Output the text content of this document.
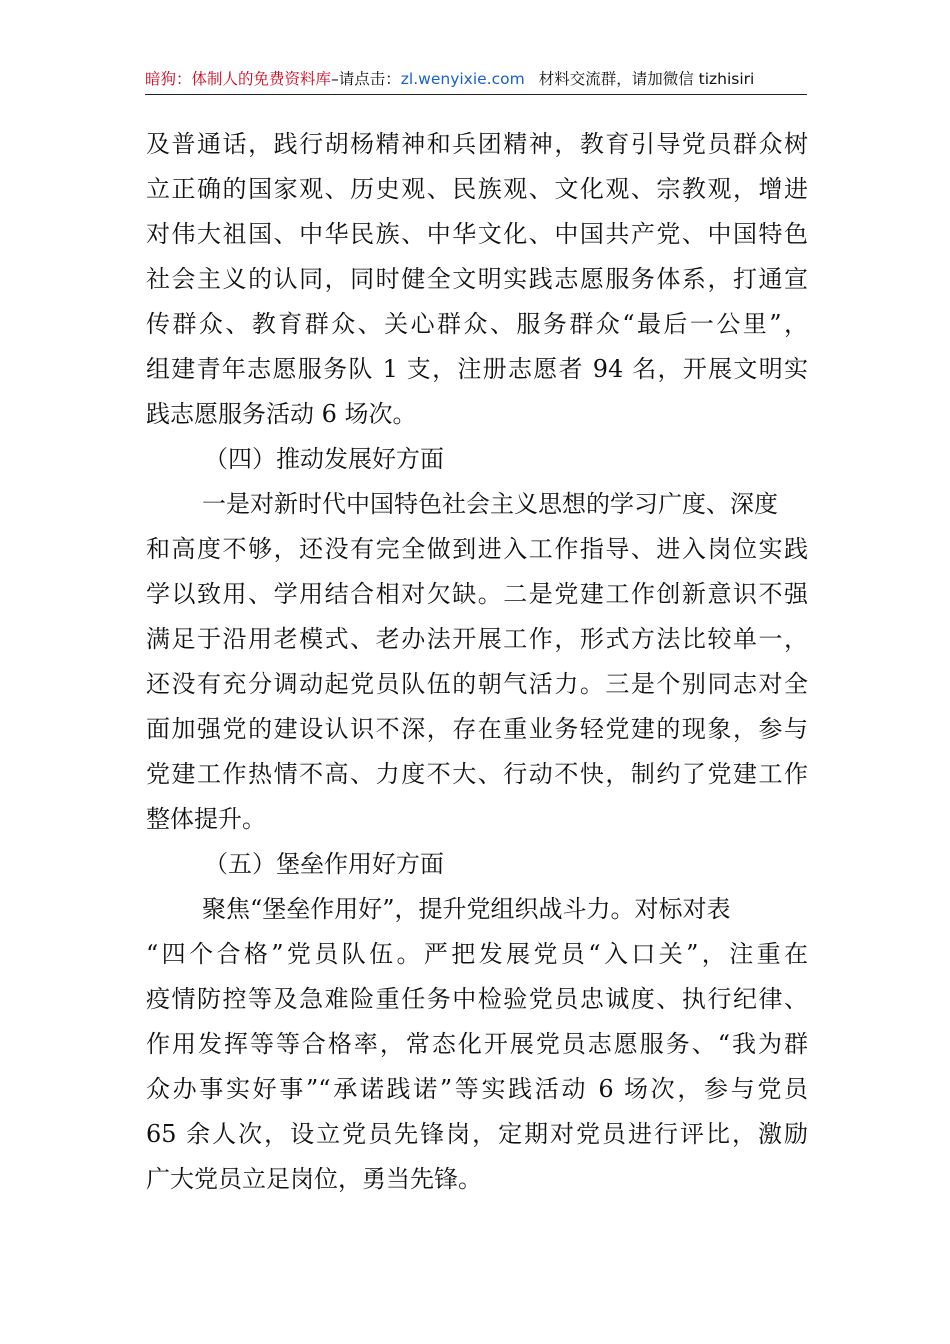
暗狗：体制人的免费资料库–请点击：zl.wenyixie.com 材料交流群，请加微信 tizhisiri
及普通话，践行胡杨精神和兵团精神，教育引导党员群众树
立正确的国家观、历史观、民族观、文化观、宗教观，增进
对伟大祖国、中华民族、中华文化、中国共产党、中国特色
社会主义的认同，同时健全文明实践志愿服务体系，打通宣
传群众、教育群众、关心群众、服务群众“最后一公里”，
组建青年志愿服务队 1 支，注册志愿者 94 名，开展文明实
践志愿服务活动 6 场次。
（四）推动发展好方面
一是对新时代中国特色社会主义思想的学习广度、深度
和高度不够，还没有完全做到进入工作指导、进入岗位实践
学以致用、学用结合相对欠缺。二是党建工作创新意识不强
满足于沿用老模式、老办法开展工作，形式方法比较单一，
还没有充分调动起党员队伍的朝气活力。三是个别同志对全
面加强党的建设认识不深，存在重业务轻党建的现象，参与
党建工作热情不高、力度不大、行动不快，制约了党建工作
整体提升。
（五）堡垒作用好方面
聚焦“堡垒作用好”，提升党组织战斗力。对标对表
“四个合格”党员队伍。严把发展党员“入口关”，注重在
疫情防控等及急难险重任务中检验党员忠诚度、执行纪律、
作用发挥等等合格率，常态化开展党员志愿服务、“我为群
众办事实好事”“承诺践诺”等实践活动 6 场次，参与党员
65 余人次，设立党员先锋岗，定期对党员进行评比，激励
广大党员立足岗位，勇当先锋。
